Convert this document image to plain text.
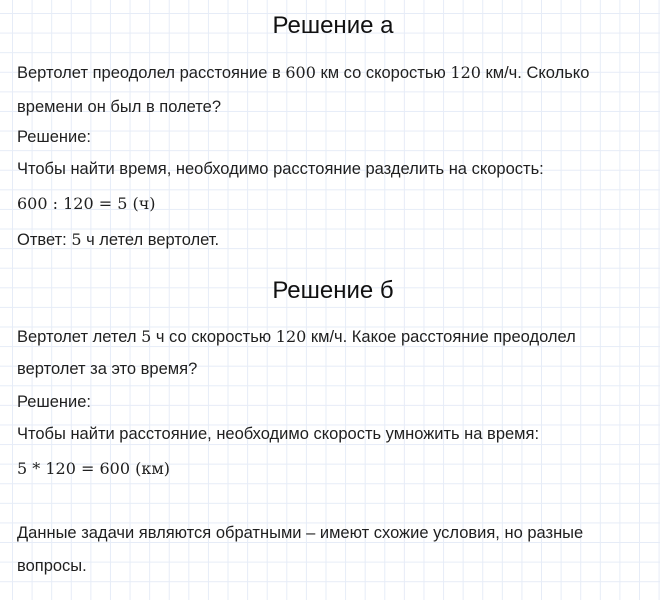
Решение а

Вертолет преодолел расстояние в 600 км со скоростью 120 км/ч. Сколько

времени он был в полете?

Решение:

Чтобы найти время, необходимо расстояние разделить на скорость:

600 : 120 = 5 (ч)

Ответ: 5 ч летел вертолет.

Решение б

Вертолет летел 5 ч со скоростью 120 км/ч. Какое расстояние преодолел

вертолет за это время?

Решение:

Чтобы найти расстояние, необходимо скорость умножить на время:

5 * 120 = 600 (км)

Данные задачи являются обратными – имеют схожие условия, но разные

вопросы.
